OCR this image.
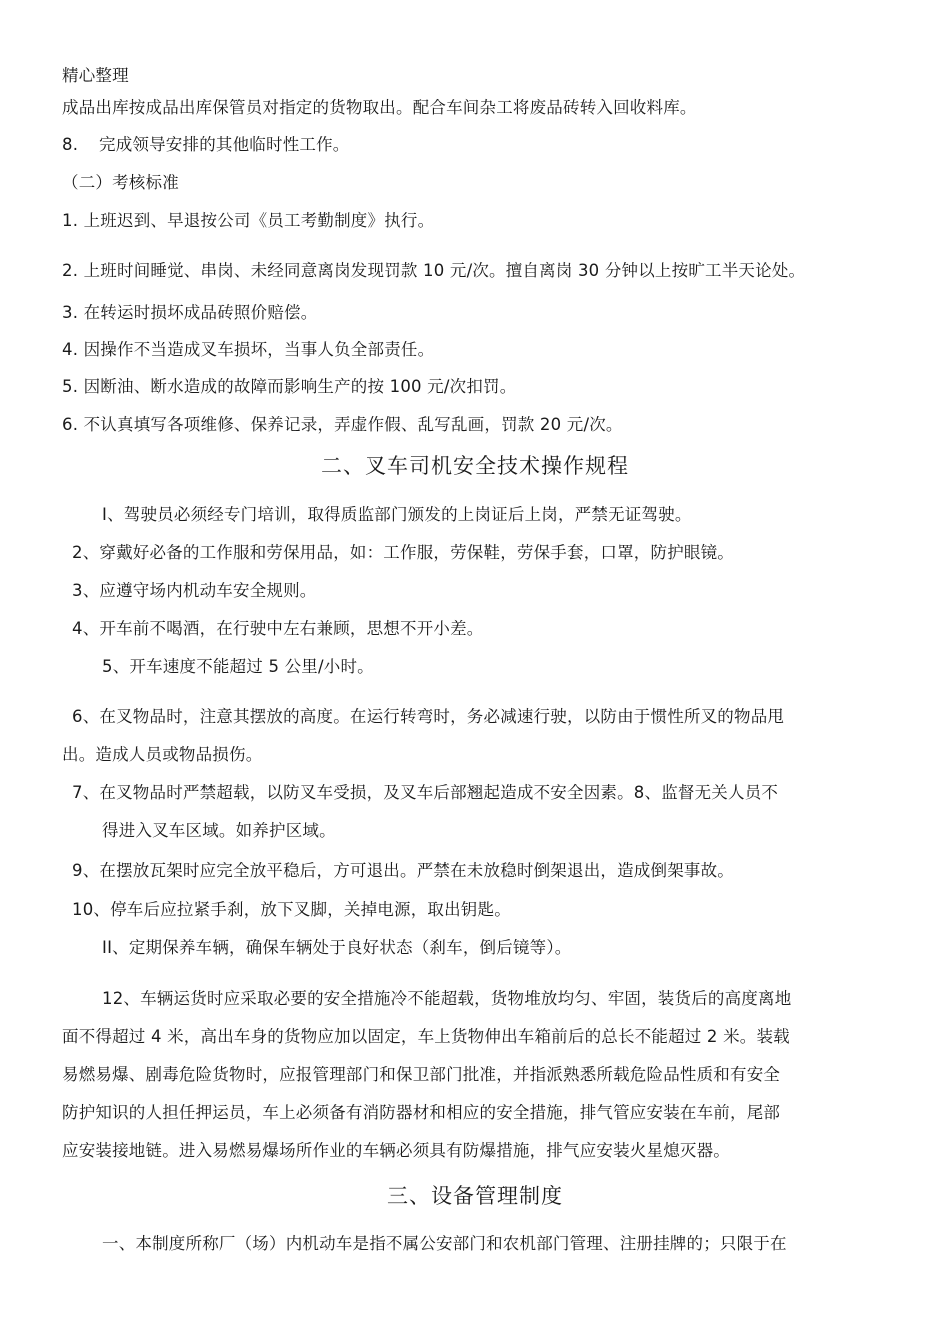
精心整理
成品出库按成品出库保管员对指定的货物取出。配合车间杂工将废品砖转入回收料库。
8. 完成领导安排的其他临时性工作。
（二）考核标准
1. 上班迟到、早退按公司《员工考勤制度》执行。
2. 上班时间睡觉、串岗、未经同意离岗发现罚款 10 元/次。擅自离岗 30 分钟以上按旷工半天论处。
3. 在转运时损坏成品砖照价赔偿。
4. 因操作不当造成叉车损坏，当事人负全部责任。
5. 因断油、断水造成的故障而影响生产的按 100 元/次扣罚。
6. 不认真填写各项维修、保养记录，弄虚作假、乱写乱画，罚款 20 元/次。
二、叉车司机安全技术操作规程
I、驾驶员必须经专门培训，取得质监部门颁发的上岗证后上岗，严禁无证驾驶。
2、穿戴好必备的工作服和劳保用品，如：工作服，劳保鞋，劳保手套，口罩，防护眼镜。
3、应遵守场内机动车安全规则。
4、开车前不喝酒，在行驶中左右兼顾，思想不开小差。
5、开车速度不能超过 5 公里/小时。
6、在叉物品时，注意其摆放的高度。在运行转弯时，务必减速行驶，以防由于惯性所叉的物品甩
出。造成人员或物品损伤。
7、在叉物品时严禁超载，以防叉车受损，及叉车后部翘起造成不安全因素。8、监督无关人员不
得进入叉车区域。如养护区域。
9、在摆放瓦架时应完全放平稳后，方可退出。严禁在未放稳时倒架退出，造成倒架事故。
10、停车后应拉紧手刹，放下叉脚，关掉电源，取出钥匙。
II、定期保养车辆，确保车辆处于良好状态（刹车，倒后镜等）。
12、车辆运货时应采取必要的安全措施冷不能超载，货物堆放均匀、牢固，装货后的高度离地
面不得超过 4 米，高出车身的货物应加以固定，车上货物伸出车箱前后的总长不能超过 2 米。装载
易燃易爆、剧毒危险货物时，应报管理部门和保卫部门批准，并指派熟悉所载危险品性质和有安全
防护知识的人担任押运员，车上必须备有消防器材和相应的安全措施，排气管应安装在车前，尾部
应安装接地链。进入易燃易爆场所作业的车辆必须具有防爆措施，排气应安装火星熄灭器。
三、设备管理制度
一、本制度所称厂（场）内机动车是指不属公安部门和农机部门管理、注册挂牌的；只限于在
